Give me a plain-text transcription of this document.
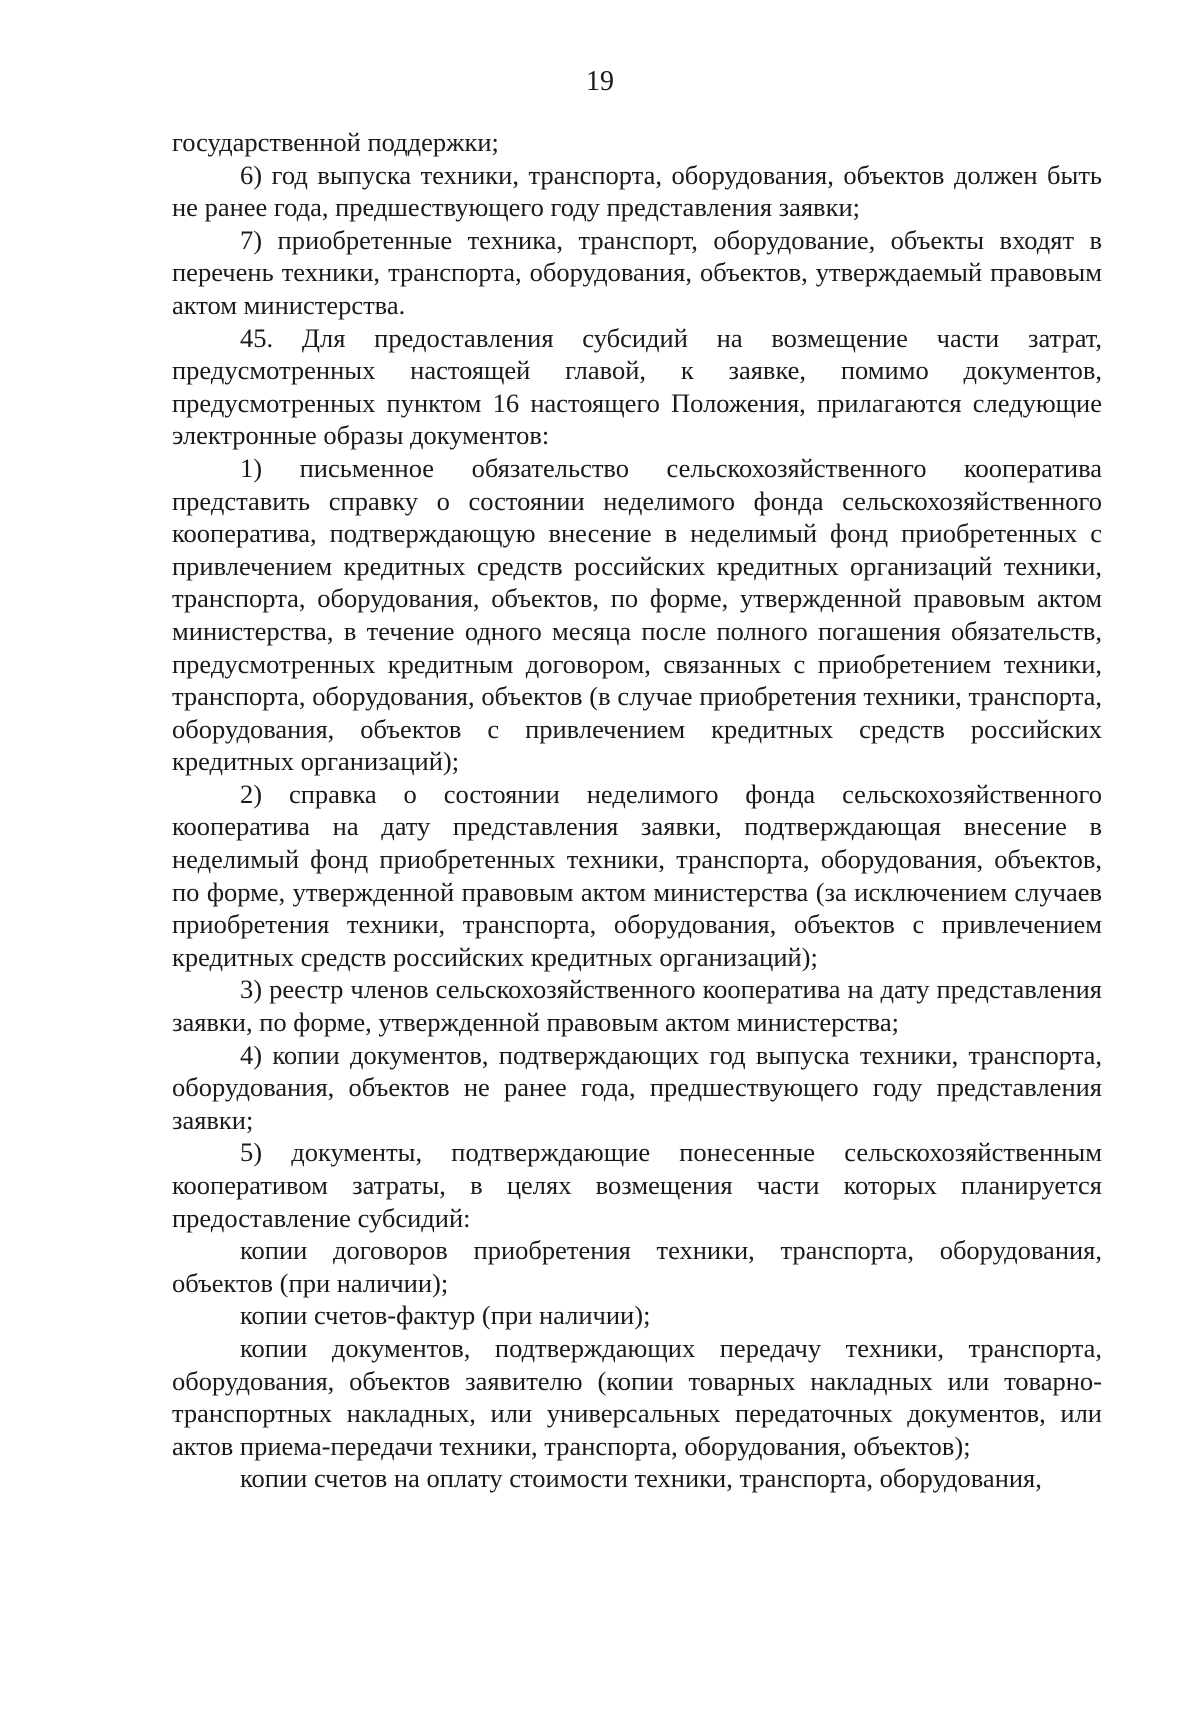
19

государственной поддержки;

6) год выпуска техники, транспорта, оборудования, объектов должен быть не ранее года, предшествующего году представления заявки;

7) приобретенные техника, транспорт, оборудование, объекты входят в перечень техники, транспорта, оборудования, объектов, утверждаемый правовым актом министерства.

45. Для предоставления субсидий на возмещение части затрат, предусмотренных настоящей главой, к заявке, помимо документов, предусмотренных пунктом 16 настоящего Положения, прилагаются следующие электронные образы документов:

1) письменное обязательство сельскохозяйственного кооператива представить справку о состоянии неделимого фонда сельскохозяйственного кооператива, подтверждающую внесение в неделимый фонд приобретенных с привлечением кредитных средств российских кредитных организаций техники, транспорта, оборудования, объектов, по форме, утвержденной правовым актом министерства, в течение одного месяца после полного погашения обязательств, предусмотренных кредитным договором, связанных с приобретением техники, транспорта, оборудования, объектов (в случае приобретения техники, транспорта, оборудования, объектов с привлечением кредитных средств российских кредитных организаций);

2) справка о состоянии неделимого фонда сельскохозяйственного кооператива на дату представления заявки, подтверждающая внесение в неделимый фонд приобретенных техники, транспорта, оборудования, объектов, по форме, утвержденной правовым актом министерства (за исключением случаев приобретения техники, транспорта, оборудования, объектов с привлечением кредитных средств российских кредитных организаций);

3) реестр членов сельскохозяйственного кооператива на дату представления заявки, по форме, утвержденной правовым актом министерства;

4) копии документов, подтверждающих год выпуска техники, транспорта, оборудования, объектов не ранее года, предшествующего году представления заявки;

5) документы, подтверждающие понесенные сельскохозяйственным кооперативом затраты, в целях возмещения части которых планируется предоставление субсидий:

копии договоров приобретения техники, транспорта, оборудования, объектов (при наличии);

копии счетов-фактур (при наличии);

копии документов, подтверждающих передачу техники, транспорта, оборудования, объектов заявителю (копии товарных накладных или товарно-транспортных накладных, или универсальных передаточных документов, или актов приема-передачи техники, транспорта, оборудования, объектов);

копии счетов на оплату стоимости техники, транспорта, оборудования,
